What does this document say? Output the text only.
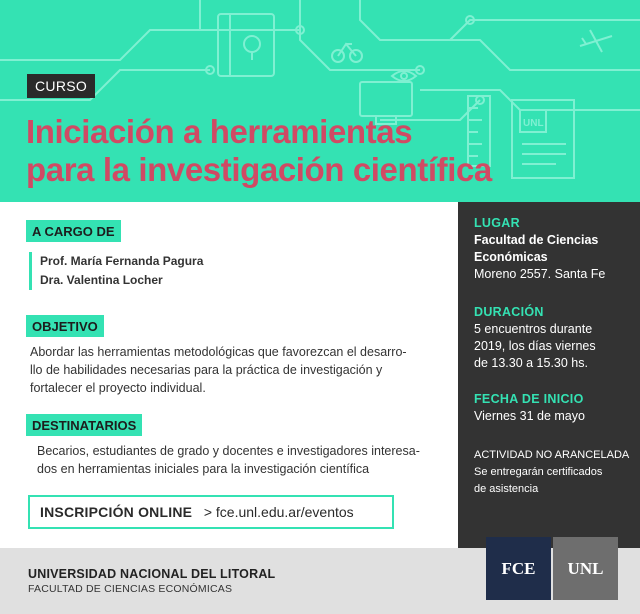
UNL
CURSO
Iniciación a herramientas
para la investigación científica
A CARGO DE
Prof. María Fernanda Pagura
Dra. Valentina Locher
OBJETIVO
Abordar las herramientas metodológicas que favorezcan el desarro-
llo de habilidades necesarias para la práctica de investigación y
fortalecer el proyecto individual.
DESTINATARIOS
Becarios, estudiantes de grado y docentes e investigadores interesa-
dos en herramientas iniciales para la investigación científica
INSCRIPCIÓN ONLINE > fce.unl.edu.ar/eventos
LUGAR
Facultad de Ciencias
Económicas
Moreno 2557. Santa Fe
DURACIÓN
5 encuentros durante
2019, los días viernes
de 13.30 a 15.30 hs.
FECHA DE INICIO
Viernes 31 de mayo
ACTIVIDAD NO ARANCELADA
Se entregarán certificados
de asistencia
UNIVERSIDAD NACIONAL DEL LITORAL
FACULTAD DE CIENCIAS ECONÓMICAS
FCE	UNL
